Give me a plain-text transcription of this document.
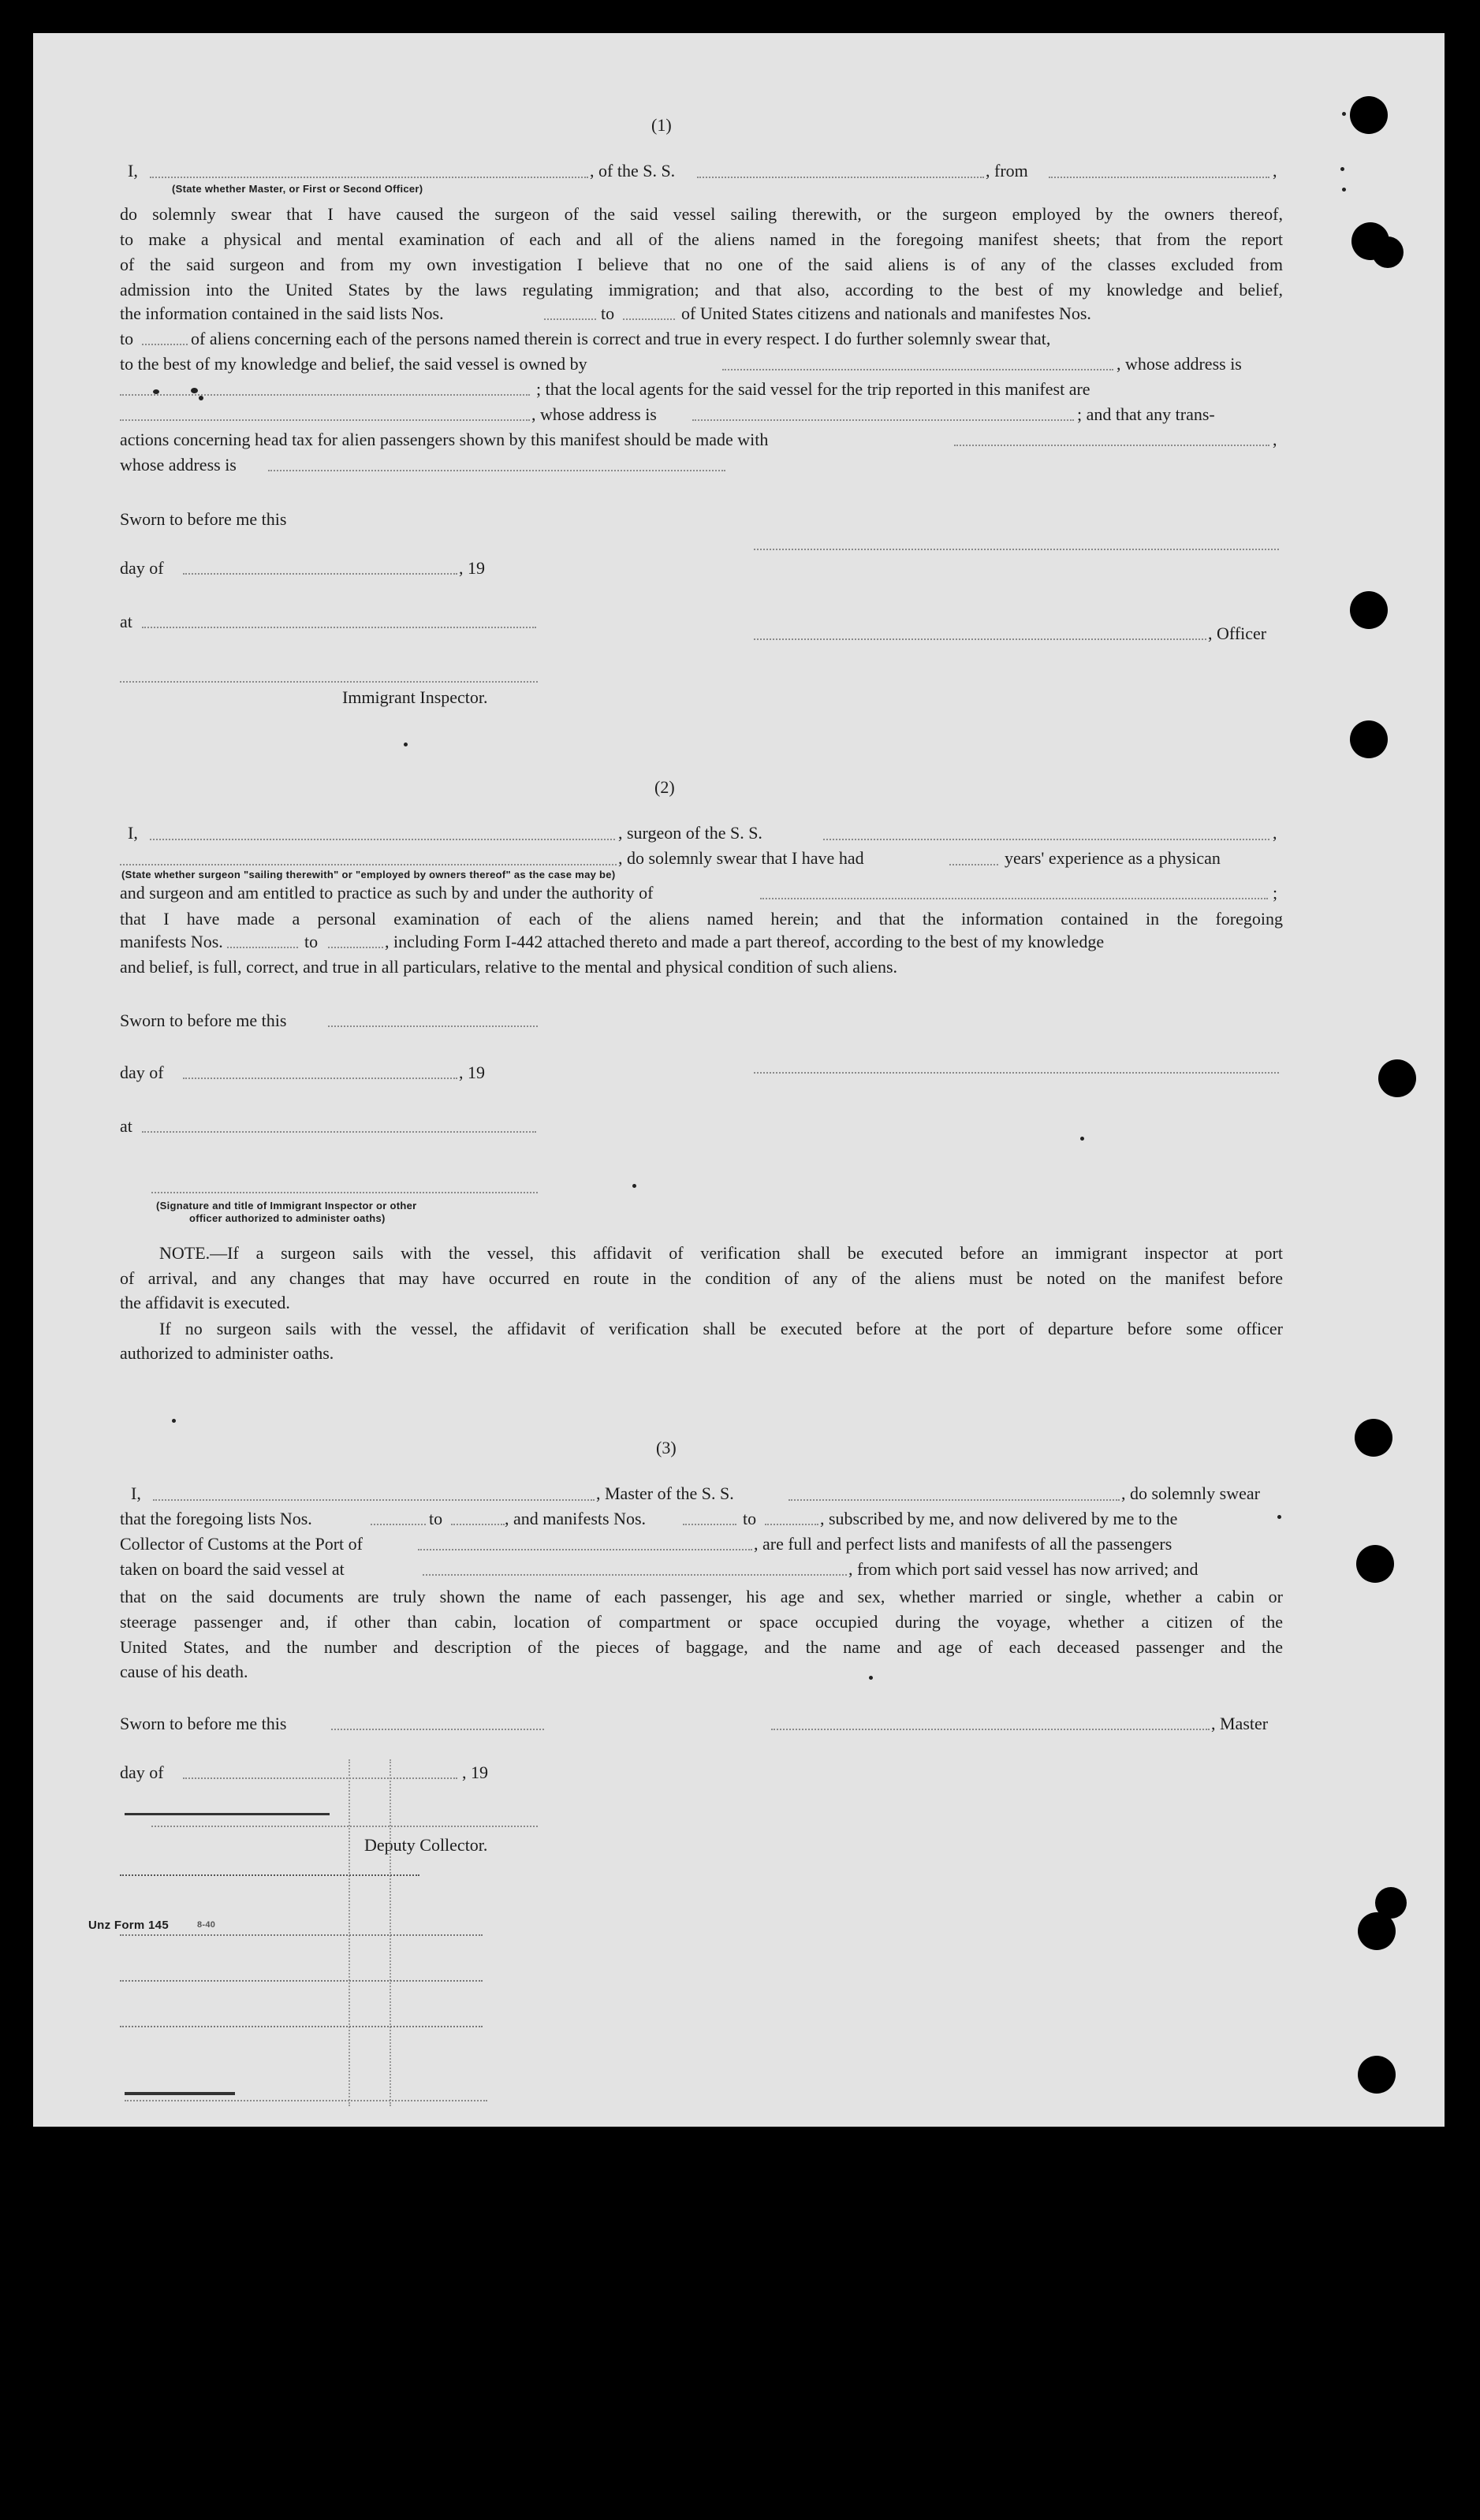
(1)
I,	, of the S. S.	, from	,
(State whether Master, or First or Second Officer)
do solemnly swear that I have caused the surgeon of the said vessel sailing therewith, or the surgeon employed by the owners thereof,
to make a physical and mental examination of each and all of the aliens named in the foregoing manifest sheets; that from the report
of the said surgeon and from my own investigation I believe that no one of the said aliens is of any of the classes excluded from
admission into the United States by the laws regulating immigration; and that also, according to the best of my knowledge and belief,
the information contained in the said lists Nos.	to	of United States citizens and nationals and manifestes Nos.
to	of aliens concerning each of the persons named therein is correct and true in every respect. I do further solemnly swear that,
to the best of my knowledge and belief, the said vessel is owned by	, whose address is
; that the local agents for the said vessel for the trip reported in this manifest are
, whose address is	; and that any trans-
actions concerning head tax for alien passengers shown by this manifest should be made with	,
whose address is
Sworn to before me this
day of	, 19
at
, Officer
Immigrant Inspector.
(2)
I,	, surgeon of the S. S.	,
, do solemnly swear that I have had	years' experience as a physican
(State whether surgeon "sailing therewith" or "employed by owners thereof" as the case may be)
and surgeon and am entitled to practice as such by and under the authority of	;
that I have made a personal examination of each of the aliens named herein; and that the information contained in the foregoing
manifests Nos.	to	, including Form I-442 attached thereto and made a part thereof, according to the best of my knowledge
and belief, is full, correct, and true in all particulars, relative to the mental and physical condition of such aliens.
Sworn to before me this
day of	, 19
at
(Signature and title of Immigrant Inspector or other
officer authorized to administer oaths)
NOTE.—If a surgeon sails with the vessel, this affidavit of verification shall be executed before an immigrant inspector at port
of arrival, and any changes that may have occurred en route in the condition of any of the aliens must be noted on the manifest before
the affidavit is executed.
If no surgeon sails with the vessel, the affidavit of verification shall be executed before at the port of departure before some officer
authorized to administer oaths.
(3)
I,	, Master of the S. S.	, do solemnly swear
that the foregoing lists Nos.	to	, and manifests Nos.	to	, subscribed by me, and now delivered by me to the
Collector of Customs at the Port of	, are full and perfect lists and manifests of all the passengers
taken on board the said vessel at	, from which port said vessel has now arrived; and
that on the said documents are truly shown the name of each passenger, his age and sex, whether married or single, whether a cabin or
steerage passenger and, if other than cabin, location of compartment or space occupied during the voyage, whether a citizen of the
United States, and the number and description of the pieces of baggage, and the name and age of each deceased passenger and the
cause of his death.
Sworn to before me this	, Master
day of	, 19
Deputy Collector.
Unz Form 145	8-40
